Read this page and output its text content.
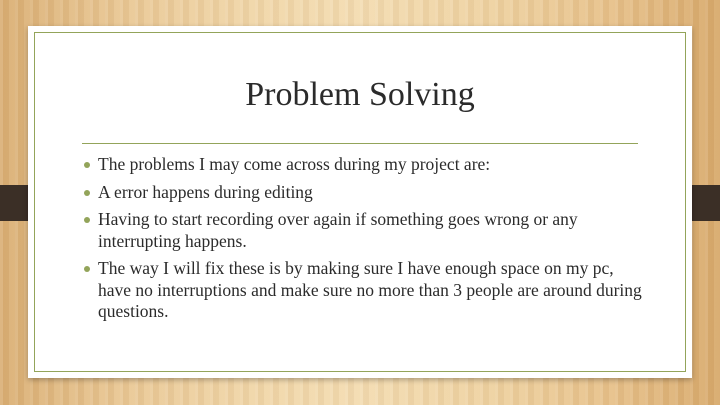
Problem Solving
The problems I may come across during my project are:
A error happens during editing
Having to start recording over again if something goes wrong or any interrupting happens.
The way I will fix these is by making sure I have enough space on my pc, have no interruptions and make sure no more than 3 people are around during questions.
